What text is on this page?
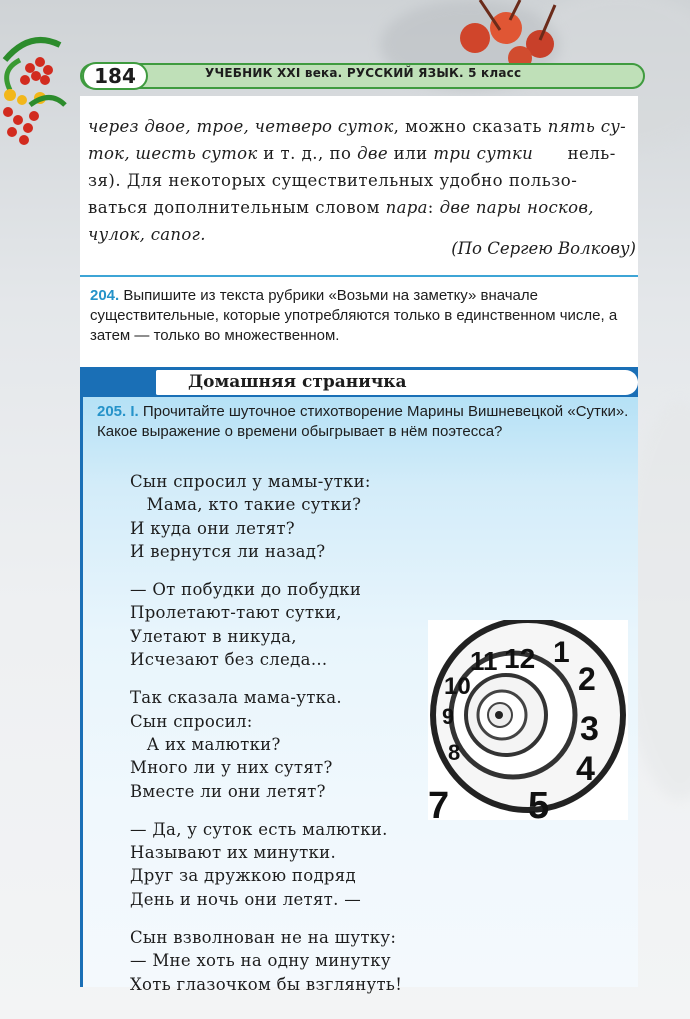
184	УЧЕБНИК XXI века. РУССКИЙ ЯЗЫК. 5 класс
через двое, трое, четверо суток, можно сказать пять су-
ток, шесть суток и т. д., по две или три сутки      нель-
зя). Для некоторых существительных удобно пользо-
ваться дополнительным словом пара: две пары носков,
чулок, сапог.
(По Сергею Волкову)
204. Выпишите из текста рубрики «Возьми на заметку» вначале существительные, которые употребляются только в единственном числе, а затем — только во множественном.
Домашняя страничка
205. I. Прочитайте шуточное стихотворение Марины Вишневецкой «Сутки». Какое выражение о времени обыгрывает в нём поэтесса?
Сын спросил у мамы-утки:
Мама, кто такие сутки?
И куда они летят?
И вернутся ли назад?
— От побудки до побудки
Пролетают-тают сутки,
Улетают в никуда,
Исчезают без следа…
Так сказала мама-утка.
Сын спросил:
А их малютки?
Много ли у них сутят?
Вместе ли они летят?
— Да, у суток есть малютки.
Называют их минутки.
Друг за дружкою подряд
День и ночь они летят. —
Сын взволнован не на шутку:
— Мне хоть на одну минутку
Хоть глазочком бы взглянуть!
12
11
10
9
8
7 5
4
3
2
1
